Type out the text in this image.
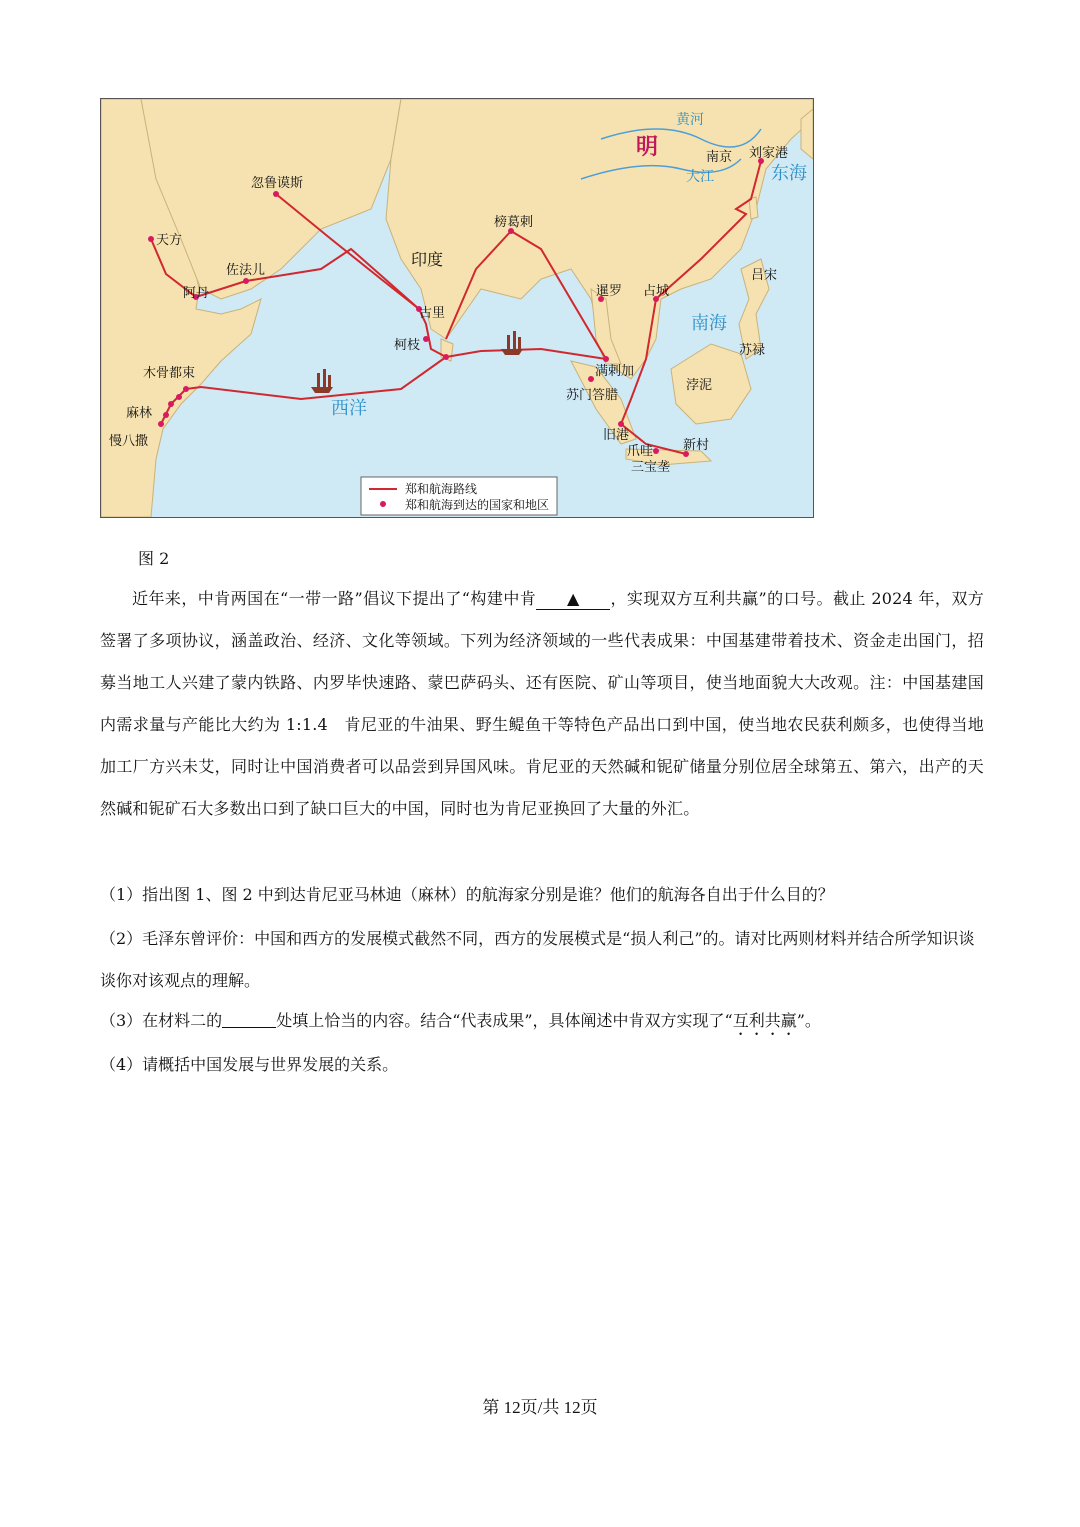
明
忽鲁谟斯
天方
佐法儿
阿丹
木骨都束
麻林
慢八撒
古里
柯枝
榜葛剌
印度
暹罗 占城
满剌加
苏门答腊
旧港
爪哇
三宝垄
新村
浡泥
苏禄
吕宋
南京 刘家港
黄河
大江	东海
南海
西洋
郑和航海路线
郑和航海到达的国家和地区
图 2
近年来，中肯两国在“一带一路”倡议下提出了“构建中肯 ▲ ，实现双方互利共赢”的口号。截止 2024 年，双方签署了多项协议，涵盖政治、经济、文化等领域。下列为经济领域的一些代表成果：中国基建带着技术、资金走出国门，招募当地工人兴建了蒙内铁路、内罗毕快速路、蒙巴萨码头、还有医院、矿山等项目，使当地面貌大大改观。注：中国基建国内需求量与产能比大约为 1:1.4　肯尼亚的牛油果、野生鳀鱼干等特色产品出口到中国，使当地农民获利颇多，也使得当地加工厂方兴未艾，同时让中国消费者可以品尝到异国风味。肯尼亚的天然碱和铌矿储量分别位居全球第五、第六，出产的天然碱和铌矿石大多数出口到了缺口巨大的中国，同时也为肯尼亚换回了大量的外汇。
（1）指出图 1、图 2 中到达肯尼亚马林迪（麻林）的航海家分别是谁？他们的航海各自出于什么目的？
（2）毛泽东曾评价：中国和西方的发展模式截然不同，西方的发展模式是“损人利己”的。请对比两则材料并结合所学知识谈谈你对该观点的理解。
（3）在材料二的	处填上恰当的内容。结合“代表成果”，具体阐述中肯双方实现了“互利共赢”。
（4）请概括中国发展与世界发展的关系。
第 12页/共 12页
